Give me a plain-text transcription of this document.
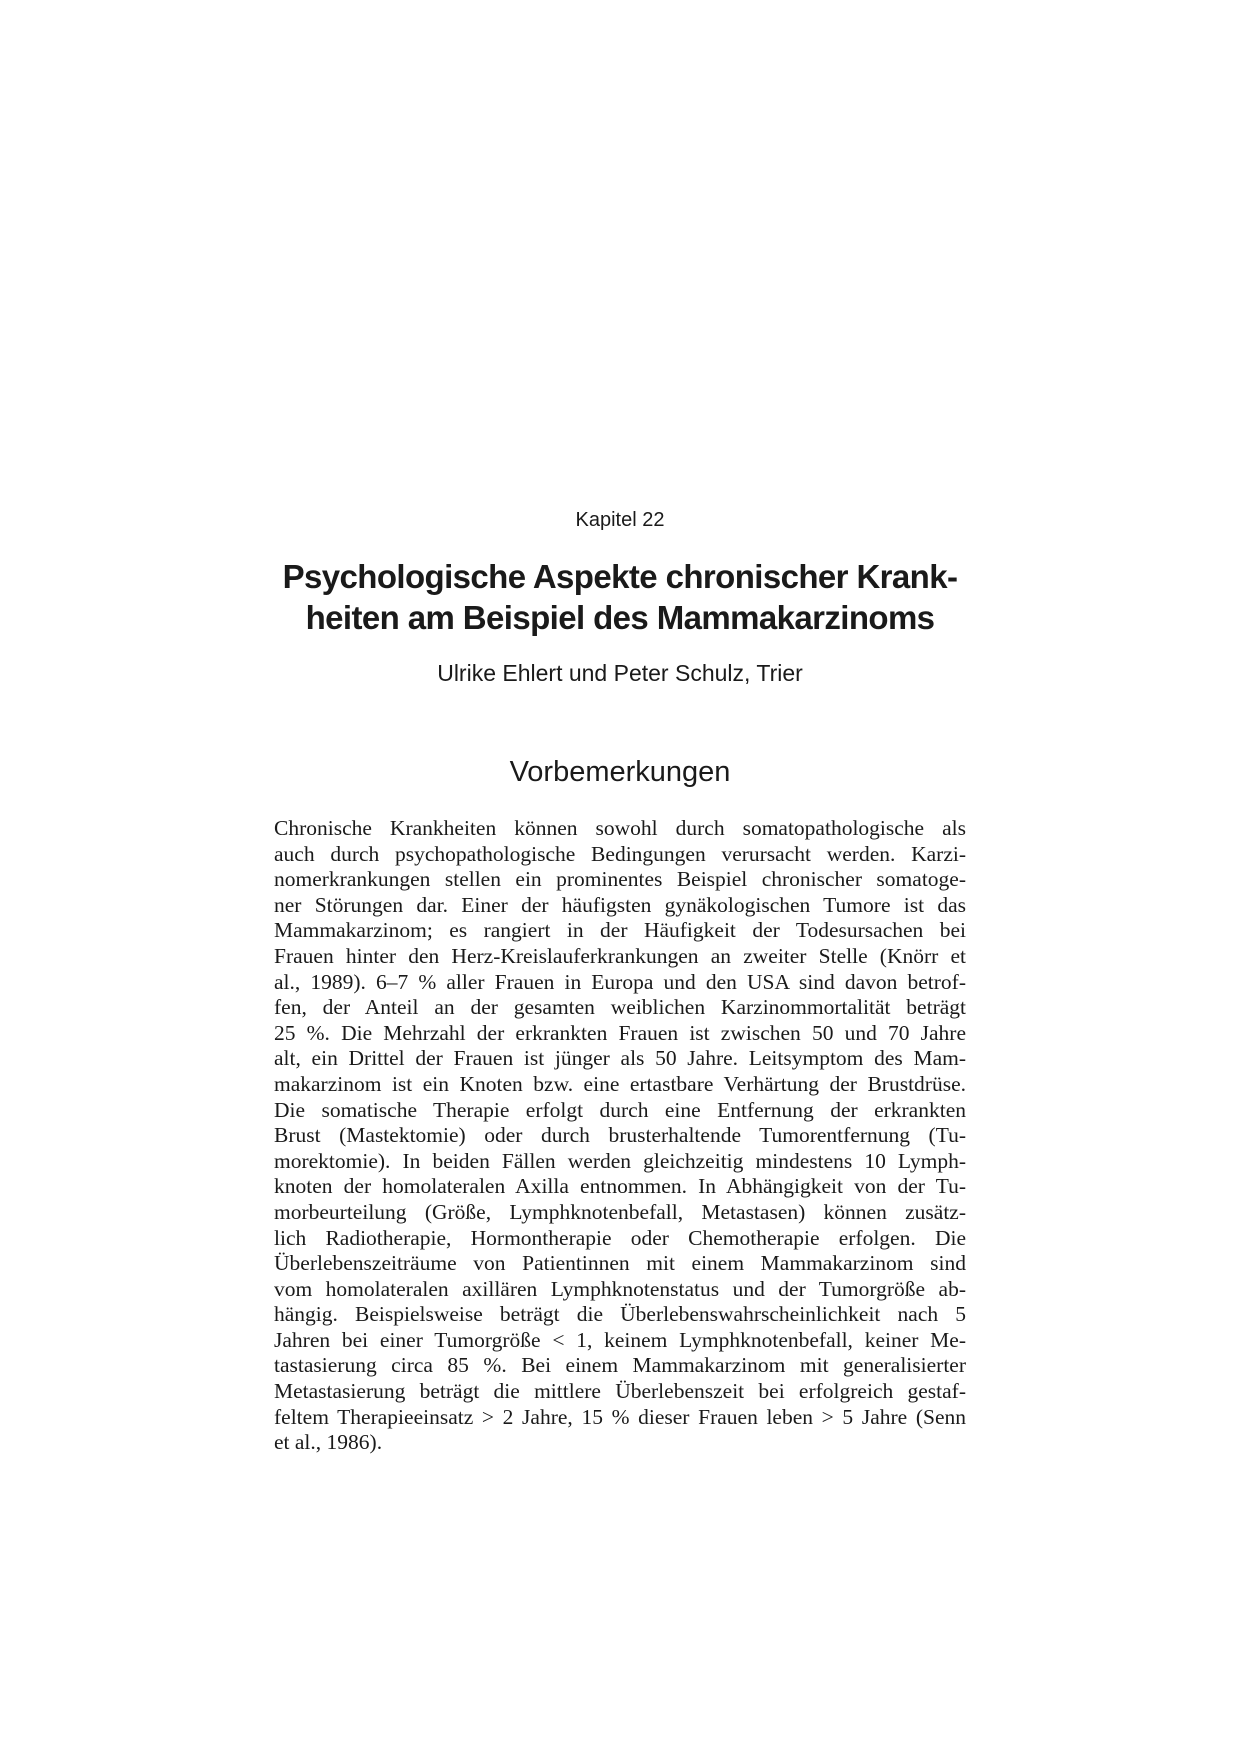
Kapitel 22
Psychologische Aspekte chronischer Krank-
heiten am Beispiel des Mammakarzinoms
Ulrike Ehlert und Peter Schulz, Trier
Vorbemerkungen
Chronische Krankheiten können sowohl durch somatopathologische als
auch durch psychopathologische Bedingungen verursacht werden. Karzi-
nomerkrankungen stellen ein prominentes Beispiel chronischer somatoge-
ner Störungen dar. Einer der häufigsten gynäkologischen Tumore ist das
Mammakarzinom; es rangiert in der Häufigkeit der Todesursachen bei
Frauen hinter den Herz-Kreislauferkrankungen an zweiter Stelle (Knörr et
al., 1989). 6–7 % aller Frauen in Europa und den USA sind davon betrof-
fen, der Anteil an der gesamten weiblichen Karzinommortalität beträgt
25 %. Die Mehrzahl der erkrankten Frauen ist zwischen 50 und 70 Jahre
alt, ein Drittel der Frauen ist jünger als 50 Jahre. Leitsymptom des Mam-
makarzinom ist ein Knoten bzw. eine ertastbare Verhärtung der Brustdrüse.
Die somatische Therapie erfolgt durch eine Entfernung der erkrankten
Brust (Mastektomie) oder durch brusterhaltende Tumorentfernung (Tu-
morektomie). In beiden Fällen werden gleichzeitig mindestens 10 Lymph-
knoten der homolateralen Axilla entnommen. In Abhängigkeit von der Tu-
morbeurteilung (Größe, Lymphknotenbefall, Metastasen) können zusätz-
lich Radiotherapie, Hormontherapie oder Chemotherapie erfolgen. Die
Überlebenszeiträume von Patientinnen mit einem Mammakarzinom sind
vom homolateralen axillären Lymphknotenstatus und der Tumorgröße ab-
hängig. Beispielsweise beträgt die Überlebenswahrscheinlichkeit nach 5
Jahren bei einer Tumorgröße < 1, keinem Lymphknotenbefall, keiner Me-
tastasierung circa 85 %. Bei einem Mammakarzinom mit generalisierter
Metastasierung beträgt die mittlere Überlebenszeit bei erfolgreich gestaf-
feltem Therapieeinsatz > 2 Jahre, 15 % dieser Frauen leben > 5 Jahre (Senn
et al., 1986).
